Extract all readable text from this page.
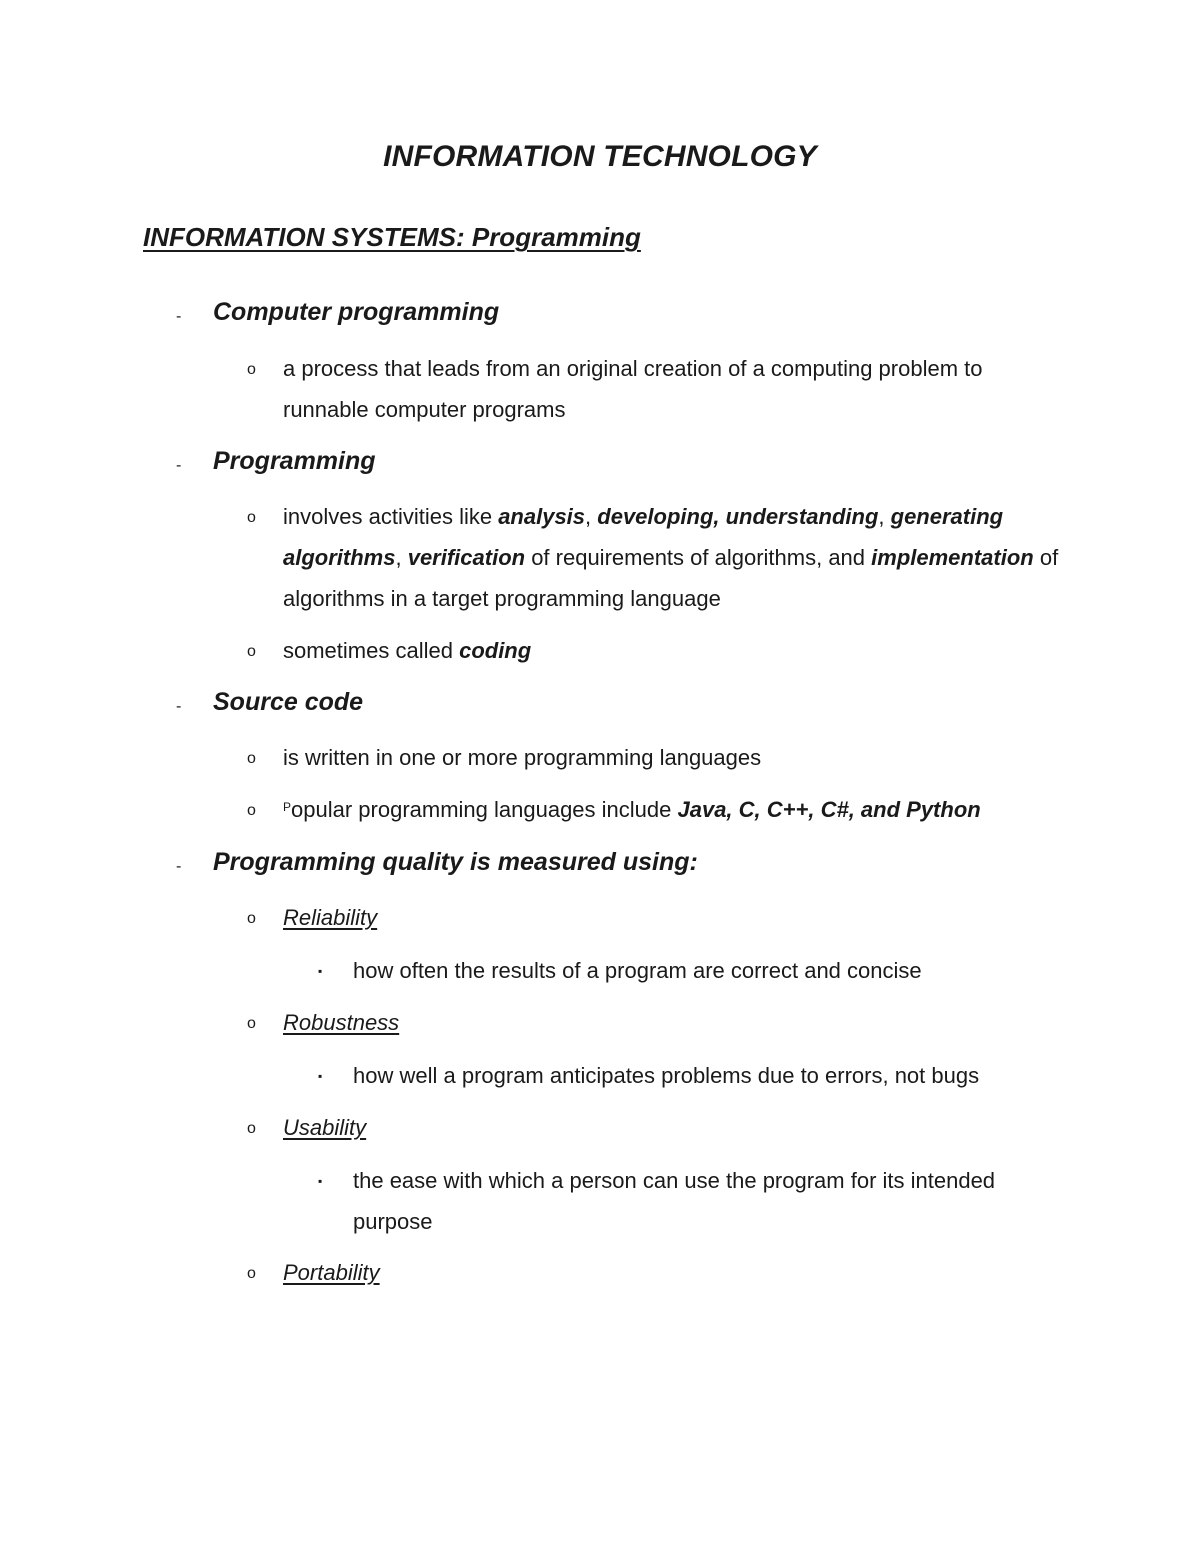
INFORMATION TECHNOLOGY
INFORMATION SYSTEMS: Programming
- Computer programming
o a process that leads from an original creation of a computing problem to runnable computer programs
- Programming
o involves activities like analysis, developing, understanding, generating algorithms, verification of requirements of algorithms, and implementation of algorithms in a target programming language
o sometimes called coding
- Source code
o is written in one or more programming languages
o $^P$opular programming languages include Java, C, C++, C#, and Python
- Programming quality is measured using:
o Reliability
▪ how often the results of a program are correct and concise
o Robustness
▪ how well a program anticipates problems due to errors, not bugs
o Usability
▪ the ease with which a person can use the program for its intended purpose
o Portability
